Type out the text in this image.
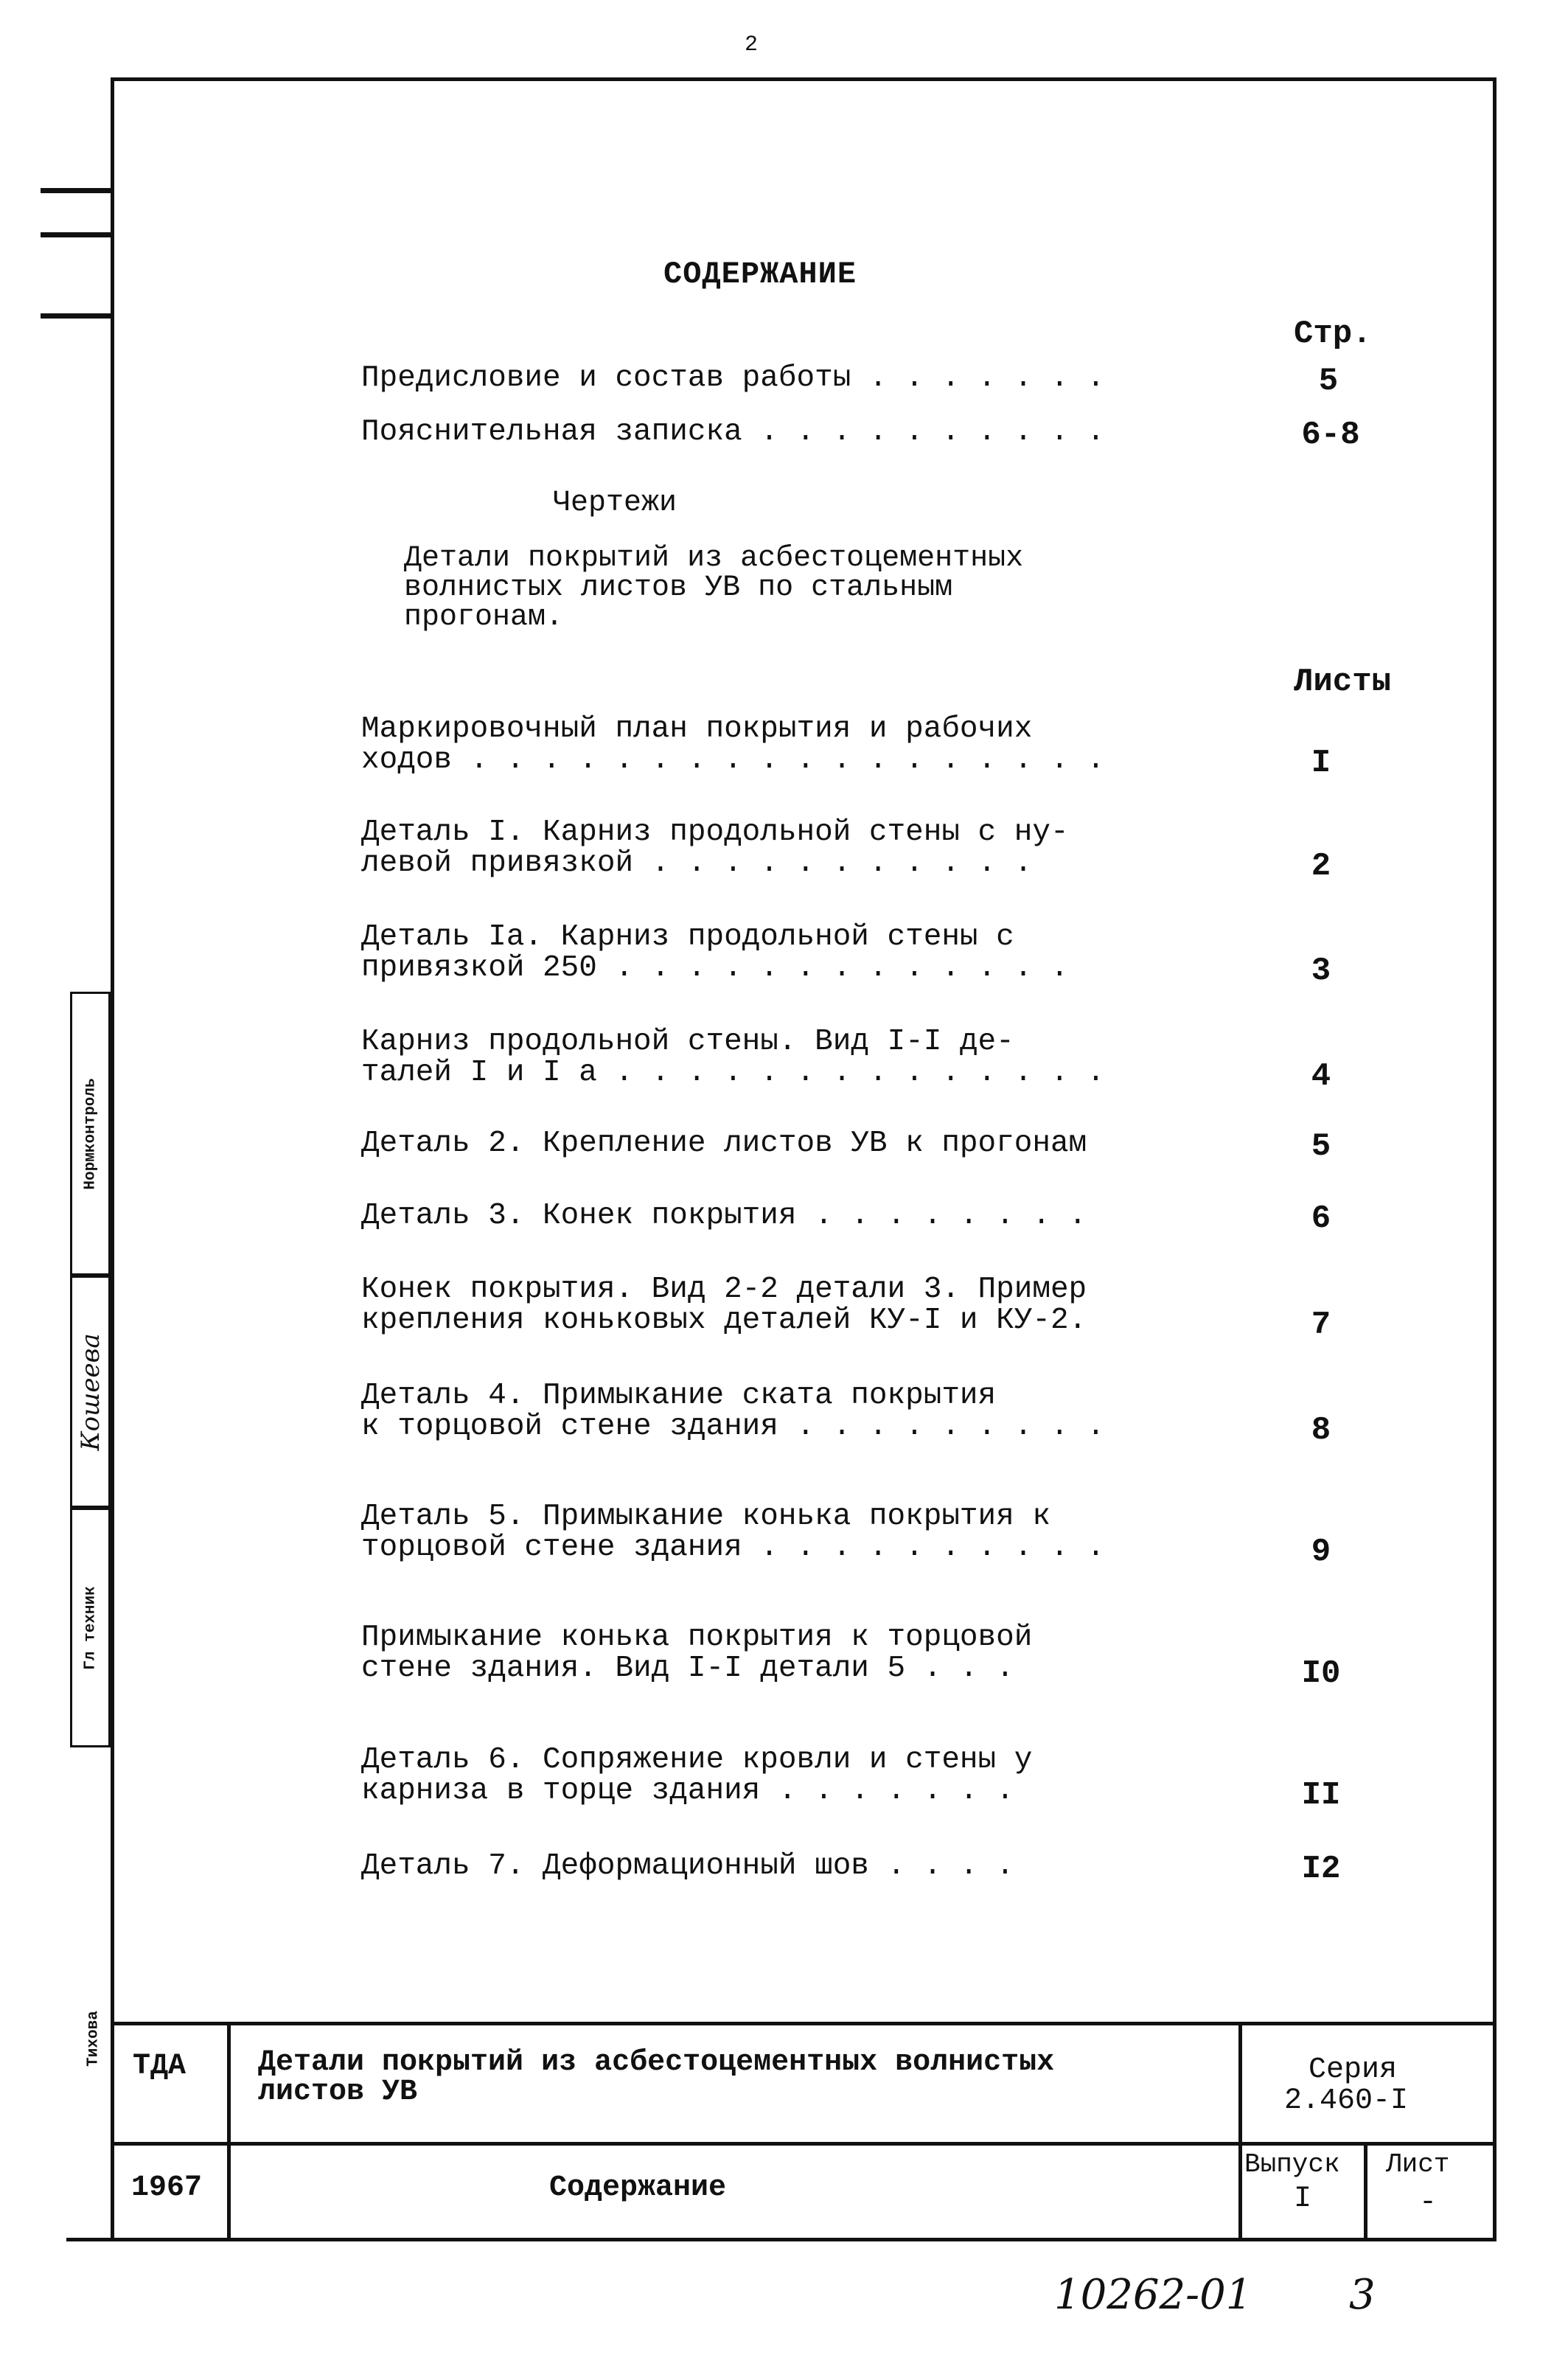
2
Нормконтроль
Кошеева
Гл техник
Тихова
СОДЕРЖАНИЕ
Стр.
Предисловие и состав работы . . . . . . .	5
Пояснительная записка . . . . . . . . . .	6-8
Чертежи
Детали покрытий из асбестоцементных
волнистых листов УВ по стальным
прогонам.
Листы
Маркировочный план покрытия и рабочих
ходов . . . . . . . . . . . . . . . . . .	I
Деталь I. Карниз продольной стены с ну-
левой привязкой . . . . . . . . . . .	2
Деталь Iа. Карниз продольной стены с
привязкой 250 . . . . . . . . . . . . .	3
Карниз продольной стены. Вид I-I де-
талей I и I а . . . . . . . . . . . . . .	4
Деталь 2. Крепление листов УВ к прогонам	5
Деталь 3. Конек покрытия . . . . . . . .	6
Конек покрытия. Вид 2-2 детали 3. Пример
крепления коньковых деталей КУ-I и КУ-2.	7
Деталь 4. Примыкание ската покрытия
к торцовой стене здания . . . . . . . . .	8
Деталь 5. Примыкание конька покрытия к
торцовой стене здания . . . . . . . . . .	9
Примыкание конька покрытия к торцовой
стене здания. Вид I-I детали 5 . . .	I0
Деталь 6. Сопряжение кровли и стены у
карниза в торце здания . . . . . . .	II
Деталь 7. Деформационный шов . . . .	I2
ТДА
1967
Детали покрытий из асбестоцементных волнистых
листов УВ
Содержание
Серия
2.460-I
Выпуск
I
Лист
-
10262-01 3
